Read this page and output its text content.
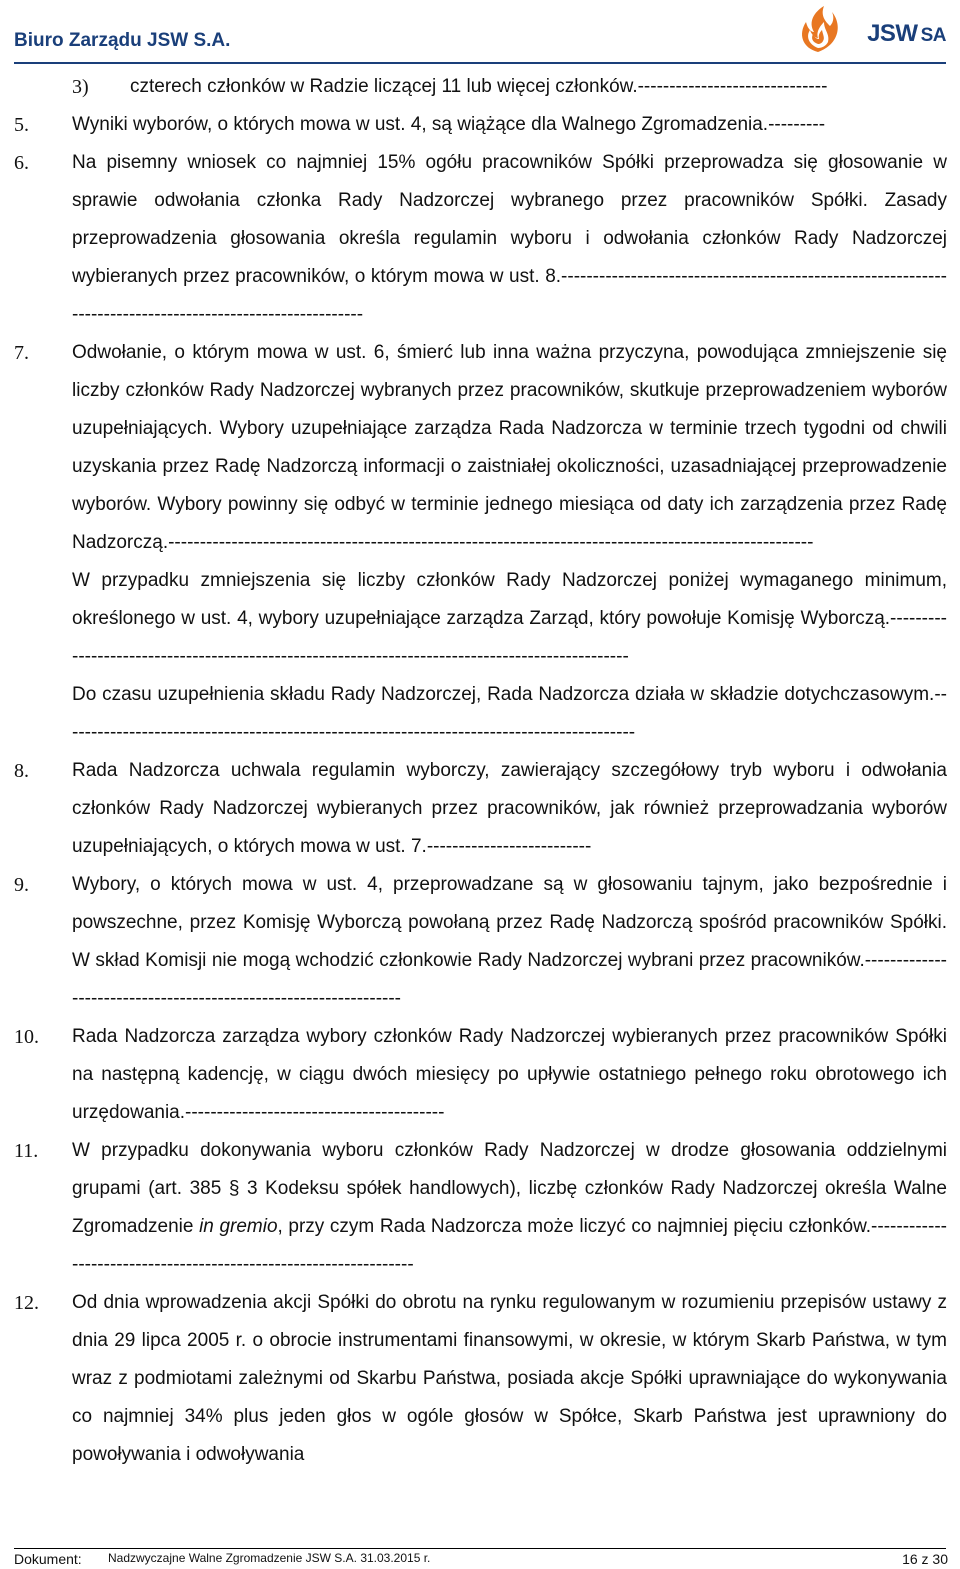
Biuro Zarządu JSW S.A.	JSW SA
3) czterech członków w Radzie liczącej 11 lub więcej członków.------------------------------
5. Wyniki wyborów, o których mowa w ust. 4, są wiążące dla Walnego Zgromadzenia.---------
6. Na pisemny wniosek co najmniej 15% ogółu pracowników Spółki przeprowadza się głosowanie w sprawie odwołania członka Rady Nadzorczej wybranego przez pracowników Spółki. Zasady przeprowadzenia głosowania określa regulamin wyboru i odwołania członków Rady Nadzorczej wybieranych przez pracowników, o którym mowa w ust. 8.-----------------------------------------------------------------------------------------------------------
7. Odwołanie, o którym mowa w ust. 6, śmierć lub inna ważna przyczyna, powodująca zmniejszenie się liczby członków Rady Nadzorczej wybranych przez pracowników, skutkuje przeprowadzeniem wyborów uzupełniających. Wybory uzupełniające zarządza Rada Nadzorcza w terminie trzech tygodni od chwili uzyskania przez Radę Nadzorczą informacji o zaistniałej okoliczności, uzasadniającej przeprowadzenie wyborów. Wybory powinny się odbyć w terminie jednego miesiąca od daty ich zarządzenia przez Radę Nadzorczą.------------------------------------------------------------------------------------------------------
W przypadku zmniejszenia się liczby członków Rady Nadzorczej poniżej wymaganego minimum, określonego w ust. 4, wybory uzupełniające zarządza Zarząd, który powołuje Komisję Wyborczą.-------------------------------------------------------------------------------------------------
Do czasu uzupełnienia składu Rady Nadzorczej, Rada Nadzorcza działa w składzie dotychczasowym.-------------------------------------------------------------------------------------------
8. Rada Nadzorcza uchwala regulamin wyborczy, zawierający szczegółowy tryb wyboru i odwołania członków Rady Nadzorczej wybieranych przez pracowników, jak również przeprowadzania wyborów uzupełniających, o których mowa w ust. 7.--------------------------
9. Wybory, o których mowa w ust. 4, przeprowadzane są w głosowaniu tajnym, jako bezpośrednie i powszechne, przez Komisję Wyborczą powołaną przez Radę Nadzorczą spośród pracowników Spółki. W skład Komisji nie mogą wchodzić członkowie Rady Nadzorczej wybrani przez pracowników.-----------------------------------------------------------------
10. Rada Nadzorcza zarządza wybory członków Rady Nadzorczej wybieranych przez pracowników Spółki na następną kadencję, w ciągu dwóch miesięcy po upływie ostatniego pełnego roku obrotowego ich urzędowania.-----------------------------------------
11. W przypadku dokonywania wyboru członków Rady Nadzorczej w drodze głosowania oddzielnymi grupami (art. 385 § 3 Kodeksu spółek handlowych), liczbę członków Rady Nadzorczej określa Walne Zgromadzenie in gremio, przy czym Rada Nadzorcza może liczyć co najmniej pięciu członków.------------------------------------------------------------------
12. Od dnia wprowadzenia akcji Spółki do obrotu na rynku regulowanym w rozumieniu przepisów ustawy z dnia 29 lipca 2005 r. o obrocie instrumentami finansowymi, w okresie, w którym Skarb Państwa, w tym wraz z podmiotami zależnymi od Skarbu Państwa, posiada akcje Spółki uprawniające do wykonywania co najmniej 34% plus jeden głos w ogóle głosów w Spółce, Skarb Państwa jest uprawniony do powoływania i odwoływania
Dokument: Nadzwyczajne Walne Zgromadzenie JSW S.A. 31.03.2015 r.	16 z 30
